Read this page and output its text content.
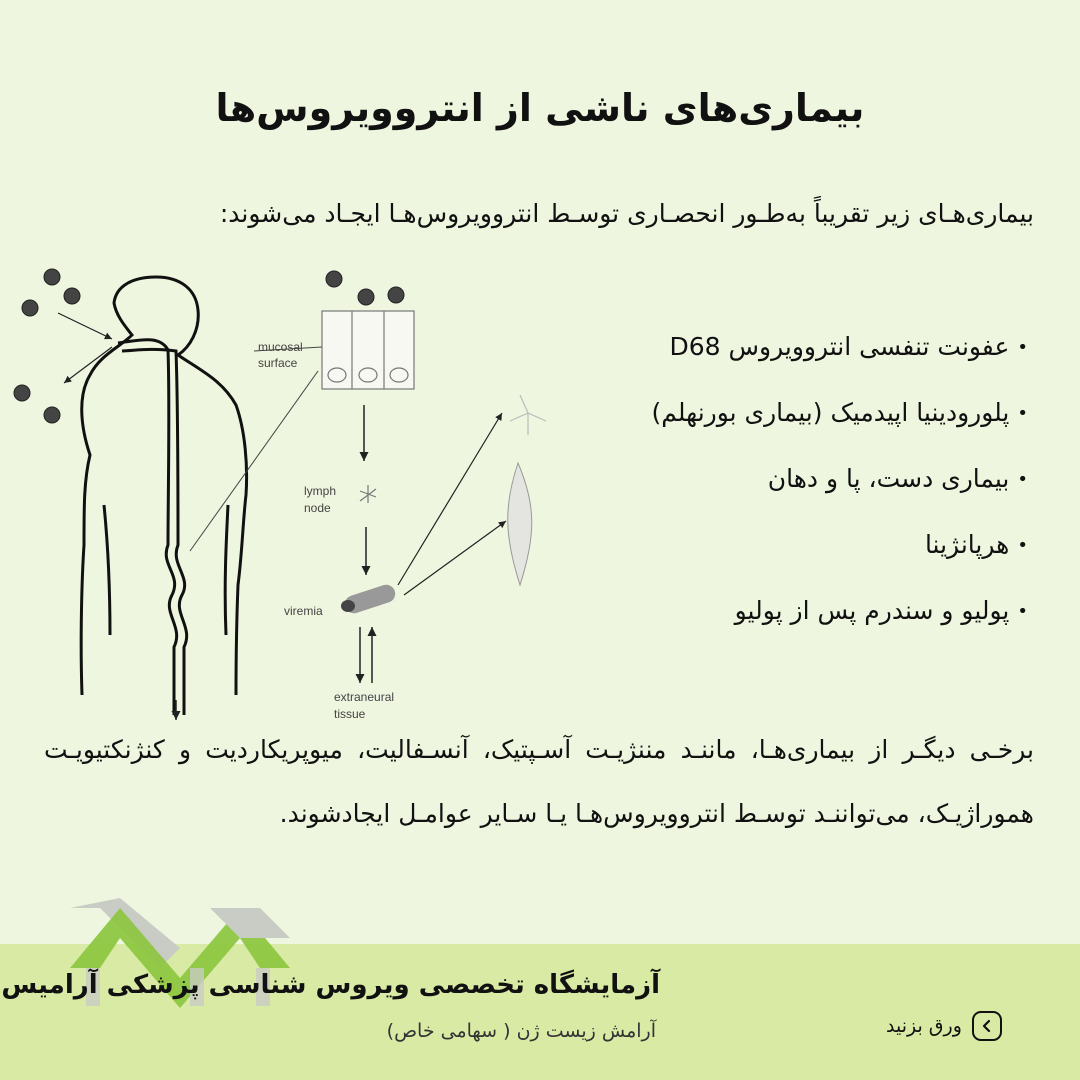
بیماری‌های ناشی از انتروویروس‌ها

بیماری‌هـای زیر تقریباً به‌طـور انحصـاری توسـط انتروویروس‌هـا ایجـاد می‌شوند:

•عفونت تنفسی انتروویروس D68
•پلورودینیا اپیدمیک (بیماری بورنهلم)
•بیماری دست، پا و دهان
•هرپانژینا
•پولیو و سندرم پس از پولیو
mucosal
surface
lymph
node
viremia
extraneural
tissue

برخـی دیگـر از بیماری‌هـا، ماننـد مننژیـت آسـپتیک، آنسـفالیت، میوپریکاردیت و کنژنکتیویـت هموراژیـک، می‌تواننـد توسـط انتروویروس‌هـا یـا سـایر عوامـل ایجادشوند.

آزمایشگاه تخصصی ویروس شناسی پزشکی آرامیس
آرامش زیست ژن ( سهامی خاص)	ورق بزنید
